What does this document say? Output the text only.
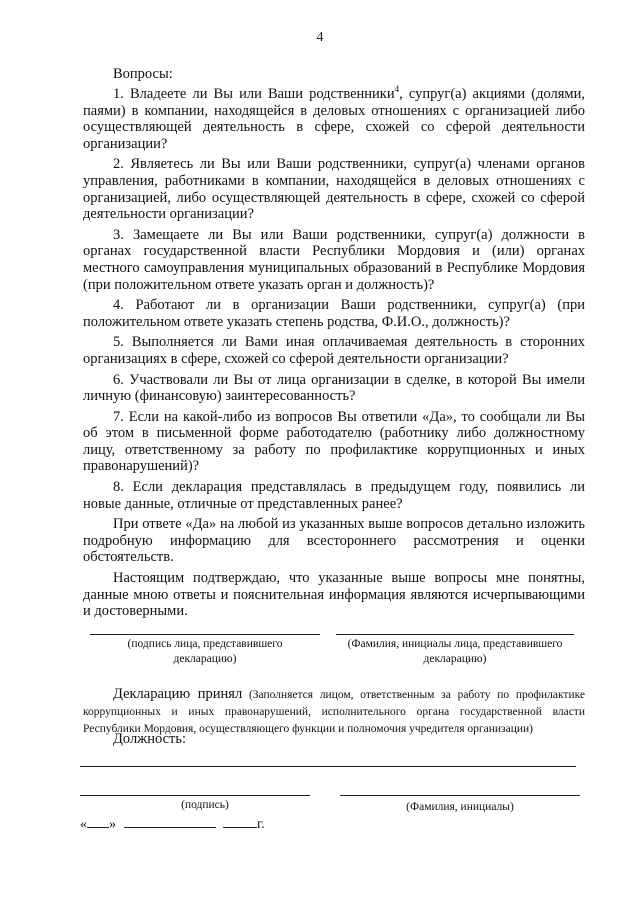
4
Вопросы:

1. Владеете ли Вы или Ваши родственники$^4$, супруг(а) акциями (долями, паями) в компании, находящейся в деловых отношениях с организацией либо осуществляющей деятельность в сфере, схожей со сферой деятельности организации?

2. Являетесь ли Вы или Ваши родственники, супруг(а) членами органов управления, работниками в компании, находящейся в деловых отношениях с организацией, либо осуществляющей деятельность в сфере, схожей со сферой деятельности организации?

3. Замещаете ли Вы или Ваши родственники, супруг(а) должности в органах государственной власти Республики Мордовия и (или) органах местного самоуправления муниципальных образований в Республике Мордовия (при положительном ответе указать орган и должность)?

4. Работают ли в организации Ваши родственники, супруг(а) (при положительном ответе указать степень родства, Ф.И.О., должность)?

5. Выполняется ли Вами иная оплачиваемая деятельность в сторонних организациях в сфере, схожей со сферой деятельности организации?

6. Участвовали ли Вы от лица организации в сделке, в которой Вы имели личную (финансовую) заинтересованность?

7. Если на какой-либо из вопросов Вы ответили «Да», то сообщали ли Вы об этом в письменной форме работодателю (работнику либо должностному лицу, ответственному за работу по профилактике коррупционных и иных правонарушений)?

8. Если декларация представлялась в предыдущем году, появились ли новые данные, отличные от представленных ранее?

При ответе «Да» на любой из указанных выше вопросов детально изложить подробную информацию для всестороннего рассмотрения и оценки обстоятельств.

Настоящим подтверждаю, что указанные выше вопросы мне понятны, данные мною ответы и пояснительная информация являются исчерпывающими и достоверными.

(подпись лица, представившего декларацию)
(Фамилия, инициалы лица, представившего декларацию)
Декларацию принял (Заполняется лицом, ответственным за работу по профилактике коррупционных и иных правонарушений, исполнительного органа государственной власти Республики Мордовия, осуществляющего функции и полномочия учредителя организации)
Должность:
(подпись)	(Фамилия, инициалы)
« »	г.
